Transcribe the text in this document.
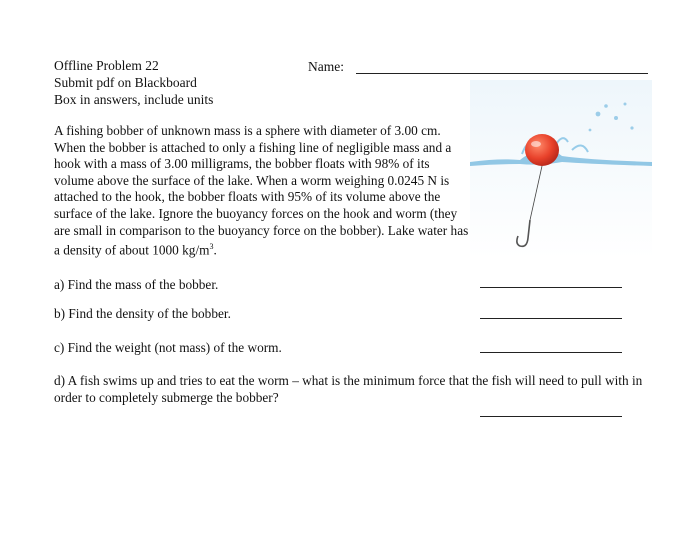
Offline Problem 22
Submit pdf on Blackboard
Box in answers, include units
Name:
A fishing bobber of unknown mass is a sphere with diameter of 3.00 cm. When the bobber is attached to only a fishing line of negligible mass and a hook with a mass of 3.00 milligrams, the bobber floats with 98% of its volume above the surface of the lake. When a worm weighing 0.0245 N is attached to the hook, the bobber floats with 95% of its volume above the surface of the lake. Ignore the buoyancy forces on the hook and worm (they are small in comparison to the buoyancy force on the bobber). Lake water has a density of about 1000 $kg/m^3$.
a) Find the mass of the bobber.
b) Find the density of the bobber.
c) Find the weight (not mass) of the worm.
d) A fish swims up and tries to eat the worm – what is the minimum force that the fish will need to pull with in order to completely submerge the bobber?
